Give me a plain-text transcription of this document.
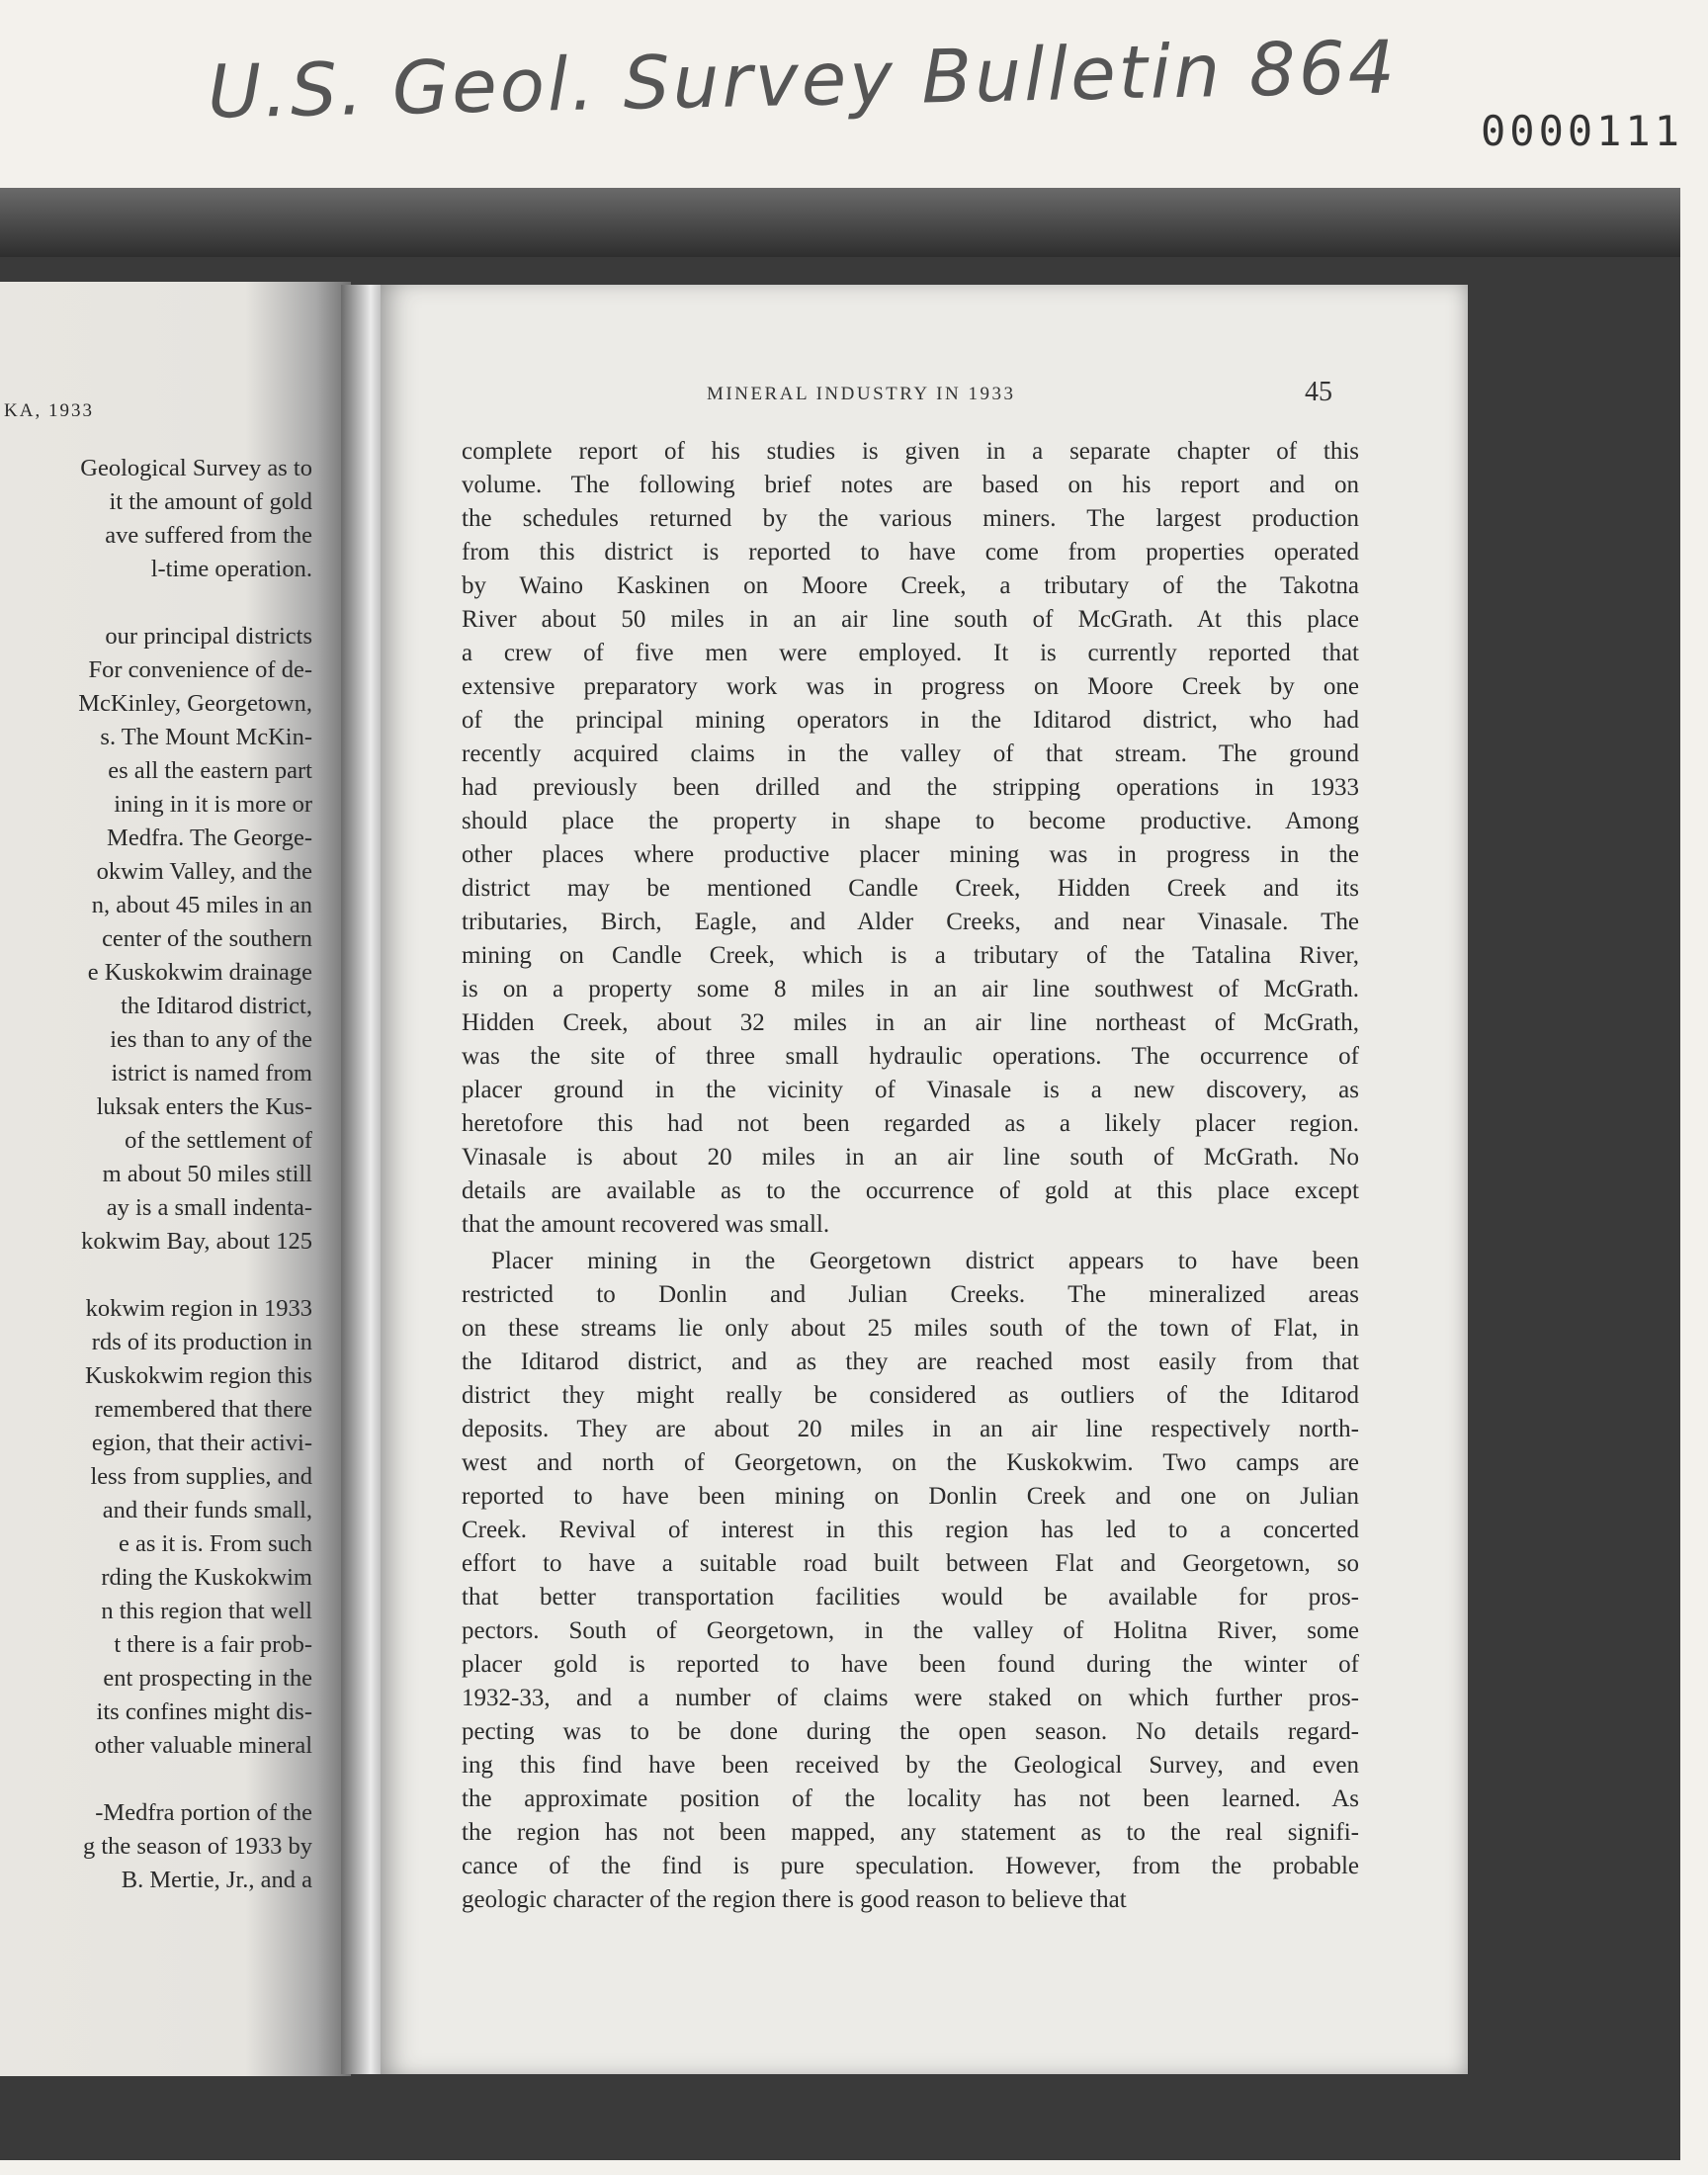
U.S. Geol. Survey Bulletin 864 0000111
KA, 1933
Geological Survey as to
it the amount of gold
ave suffered from the
l-time operation.
our principal districts
For convenience of de-
McKinley, Georgetown,
s. The Mount McKin-
es all the eastern part
ining in it is more or
Medfra. The George-
okwim Valley, and the
n, about 45 miles in an
center of the southern
e Kuskokwim drainage
the Iditarod district,
ies than to any of the
istrict is named from
luksak enters the Kus-
of the settlement of
m about 50 miles still
ay is a small indenta-
kokwim Bay, about 125
kokwim region in 1933
rds of its production in
Kuskokwim region this
remembered that there
egion, that their activi-
less from supplies, and
and their funds small,
e as it is. From such
rding the Kuskokwim
n this region that well
t there is a fair prob-
ent prospecting in the
its confines might dis-
other valuable mineral
-Medfra portion of the
g the season of 1933 by
B. Mertie, Jr., and a
MINERAL INDUSTRY IN 1933	45
complete report of his studies is given in a separate chapter of this
volume. The following brief notes are based on his report and on
the schedules returned by the various miners. The largest production
from this district is reported to have come from properties operated
by Waino Kaskinen on Moore Creek, a tributary of the Takotna
River about 50 miles in an air line south of McGrath. At this place
a crew of five men were employed. It is currently reported that
extensive preparatory work was in progress on Moore Creek by one
of the principal mining operators in the Iditarod district, who had
recently acquired claims in the valley of that stream. The ground
had previously been drilled and the stripping operations in 1933
should place the property in shape to become productive. Among
other places where productive placer mining was in progress in the
district may be mentioned Candle Creek, Hidden Creek and its
tributaries, Birch, Eagle, and Alder Creeks, and near Vinasale. The
mining on Candle Creek, which is a tributary of the Tatalina River,
is on a property some 8 miles in an air line southwest of McGrath.
Hidden Creek, about 32 miles in an air line northeast of McGrath,
was the site of three small hydraulic operations. The occurrence of
placer ground in the vicinity of Vinasale is a new discovery, as
heretofore this had not been regarded as a likely placer region.
Vinasale is about 20 miles in an air line south of McGrath. No
details are available as to the occurrence of gold at this place except
that the amount recovered was small.
Placer mining in the Georgetown district appears to have been
restricted to Donlin and Julian Creeks. The mineralized areas
on these streams lie only about 25 miles south of the town of Flat, in
the Iditarod district, and as they are reached most easily from that
district they might really be considered as outliers of the Iditarod
deposits. They are about 20 miles in an air line respectively north-
west and north of Georgetown, on the Kuskokwim. Two camps are
reported to have been mining on Donlin Creek and one on Julian
Creek. Revival of interest in this region has led to a concerted
effort to have a suitable road built between Flat and Georgetown, so
that better transportation facilities would be available for pros-
pectors. South of Georgetown, in the valley of Holitna River, some
placer gold is reported to have been found during the winter of
1932-33, and a number of claims were staked on which further pros-
pecting was to be done during the open season. No details regard-
ing this find have been received by the Geological Survey, and even
the approximate position of the locality has not been learned. As
the region has not been mapped, any statement as to the real signifi-
cance of the find is pure speculation. However, from the probable
geologic character of the region there is good reason to believe that
